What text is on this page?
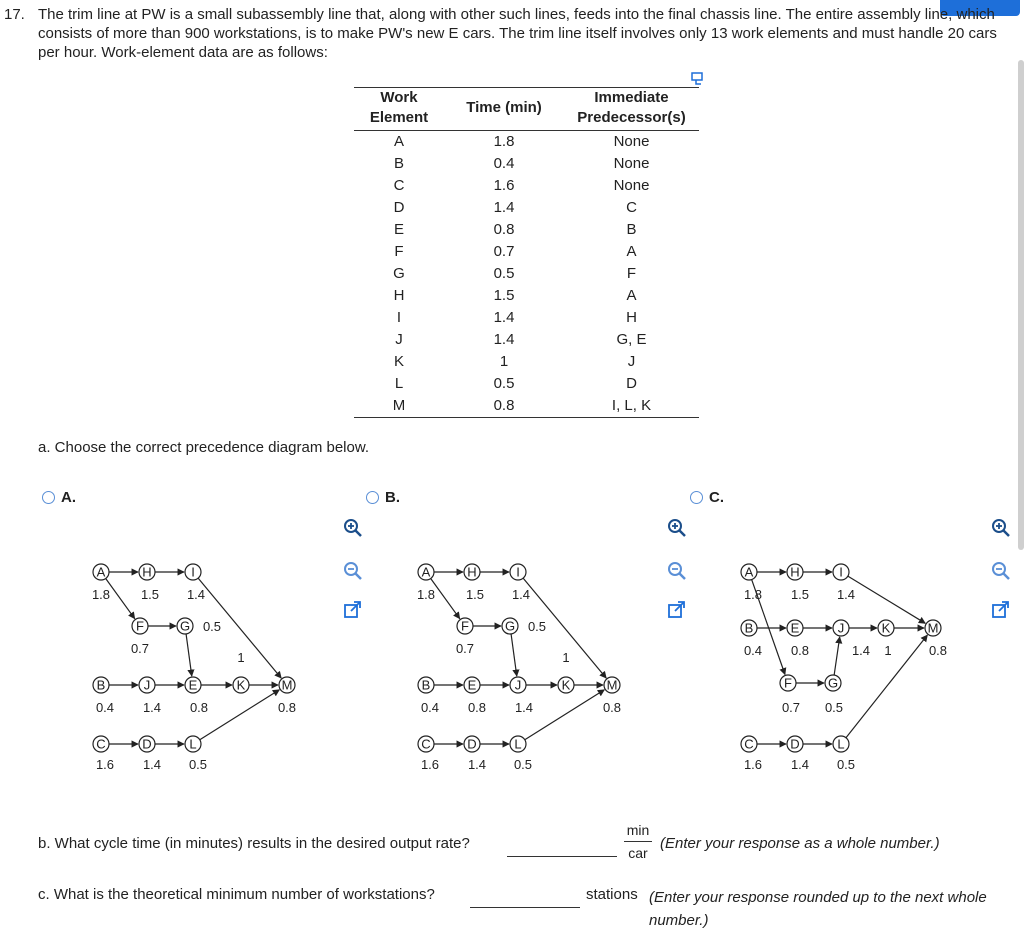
17. The trim line at PW is a small subassembly line that, along with other such lines, feeds into the final chassis line. The entire assembly line, which consists of more than 900 workstations, is to make PW's new E cars. The trim line itself involves only 13 work elements and must handle 20 cars per hour. Work-element data are as follows:
Work Element	Time (min)	Immediate Predecessor(s)
A	1.8	None
B	0.4	None
C	1.6	None
D	1.4	C
E	0.8	B
F	0.7	A
G	0.5	F
H	1.5	A
I	1.4	H
J	1.4	G, E
K	1	J
L	0.5	D
M	0.8	I, L, K
a. Choose the correct precedence diagram below.
A.	B.	C.
A
1.8
H
1.5
I
1.4
F
0.7
G 0.5
B
0.4
J
1.4
E
0.8
K
1
M
0.8
C
1.6
D
1.4
L
0.5
A
1.8
H
1.5
I
1.4
F
0.7
G 0.5
B
0.4
E
0.8
J
1.4
K
1
M
0.8
C
1.6
D
1.4
L
0.5
A
1.8
H
1.5
I
1.4
B
0.4
E
0.8
J
1.4
K
1
M
0.8
F
0.7
G
0.5
C
1.6
D
1.4
L
0.5
b. What cycle time (in minutes) results in the desired output rate?
min
car
(Enter your response as a whole number.)
c. What is the theoretical minimum number of workstations?	stations (Enter your response rounded up to the next whole number.)
